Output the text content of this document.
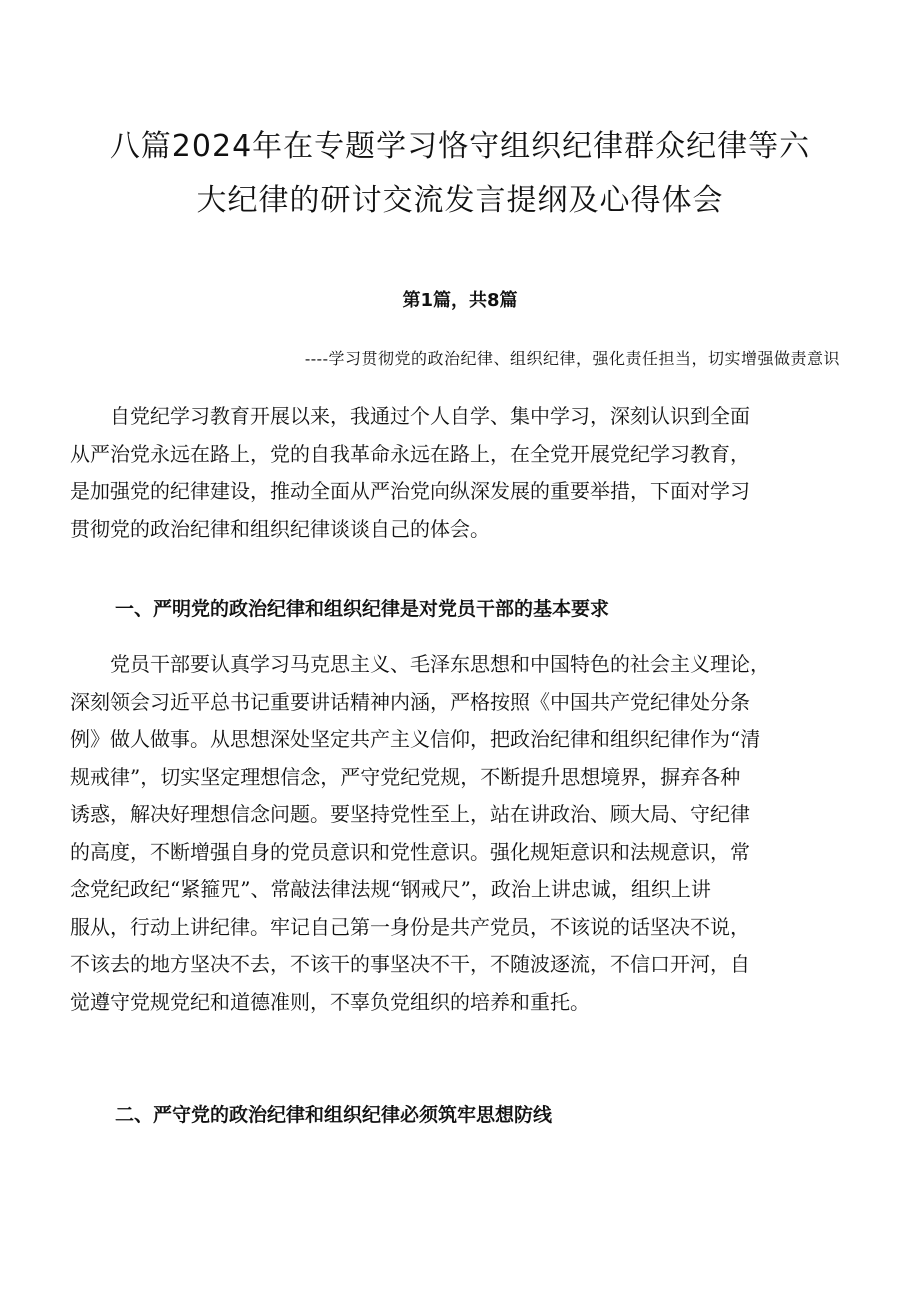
八篇2024年在专题学习恪守组织纪律群众纪律等六
大纪律的研讨交流发言提纲及心得体会
第1篇，共8篇
----学习贯彻党的政治纪律、组织纪律，强化责任担当，切实增强做责意识
　　自党纪学习教育开展以来，我通过个人自学、集中学习，深刻认识到全面
从严治党永远在路上，党的自我革命永远在路上，在全党开展党纪学习教育，
是加强党的纪律建设，推动全面从严治党向纵深发展的重要举措，下面对学习
贯彻党的政治纪律和组织纪律谈谈自己的体会。
一、严明党的政治纪律和组织纪律是对党员干部的基本要求
　　党员干部要认真学习马克思主义、毛泽东思想和中国特色的社会主义理论，
深刻领会习近平总书记重要讲话精神内涵，严格按照《中国共产党纪律处分条
例》做人做事。从思想深处坚定共产主义信仰，把政治纪律和组织纪律作为“清
规戒律”，切实坚定理想信念，严守党纪党规，不断提升思想境界，摒弃各种
诱惑，解决好理想信念问题。要坚持党性至上，站在讲政治、顾大局、守纪律
的高度，不断增强自身的党员意识和党性意识。强化规矩意识和法规意识，常
念党纪政纪“紧箍咒”、常敲法律法规“钢戒尺”，政治上讲忠诚，组织上讲
服从，行动上讲纪律。牢记自己第一身份是共产党员，不该说的话坚决不说，
不该去的地方坚决不去，不该干的事坚决不干，不随波逐流，不信口开河，自
觉遵守党规党纪和道德准则，不辜负党组织的培养和重托。
二、严守党的政治纪律和组织纪律必须筑牢思想防线
